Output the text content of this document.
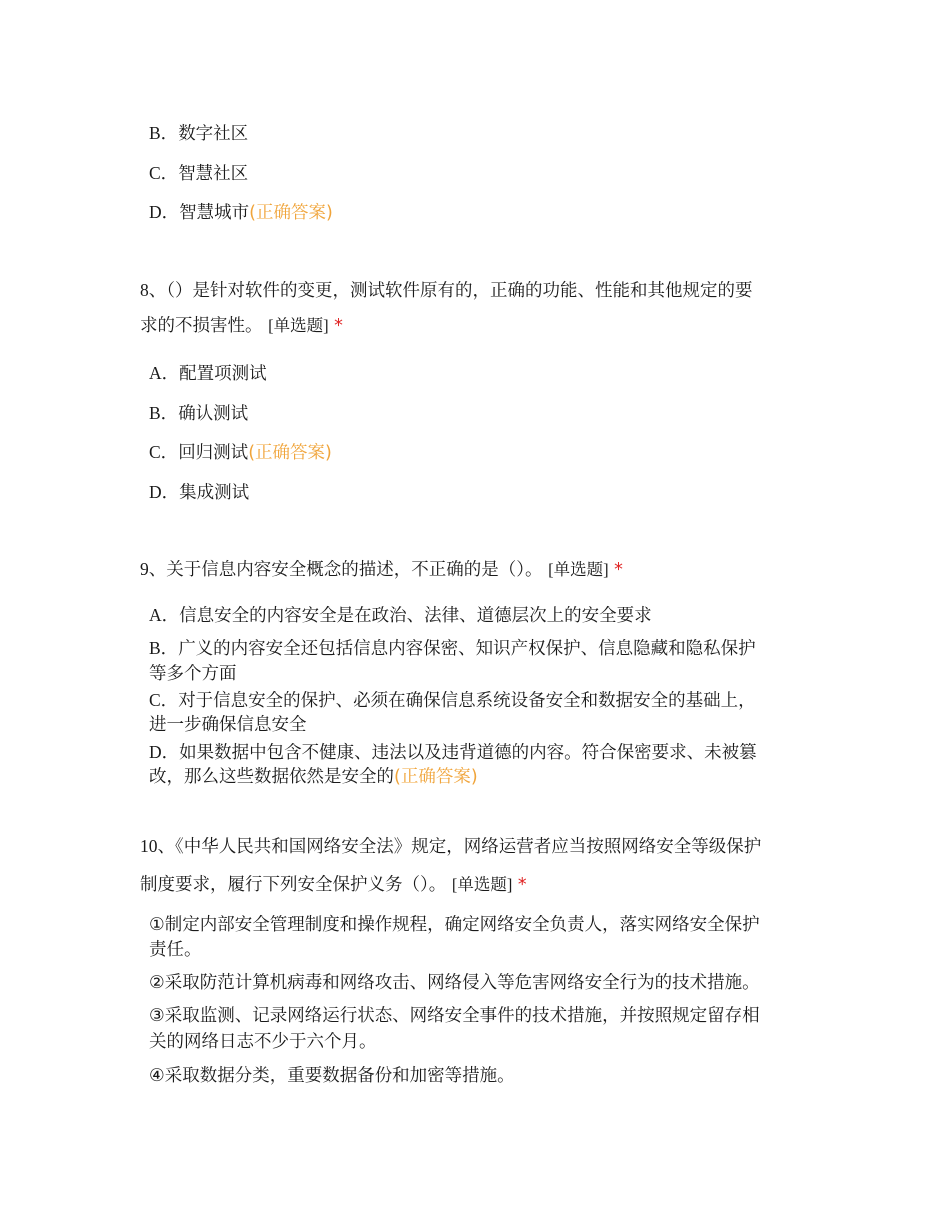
B．数字社区
C．智慧社区
D．智慧城市(正确答案)
8、（）是针对软件的变更，测试软件原有的，正确的功能、性能和其他规定的要
求的不损害性。 [单选题] *
A．配置项测试
B．确认测试
C．回归测试(正确答案)
D．集成测试
9、关于信息内容安全概念的描述，不正确的是（）。 [单选题] *
A．信息安全的内容安全是在政治、法律、道德层次上的安全要求
B．广义的内容安全还包括信息内容保密、知识产权保护、信息隐藏和隐私保护
等多个方面
C．对于信息安全的保护、必须在确保信息系统设备安全和数据安全的基础上，
进一步确保信息安全
D．如果数据中包含不健康、违法以及违背道德的内容。符合保密要求、未被篡
改，那么这些数据依然是安全的(正确答案)
10、《中华人民共和国网络安全法》规定，网络运营者应当按照网络安全等级保护
制度要求，履行下列安全保护义务（）。 [单选题] *
①制定内部安全管理制度和操作规程，确定网络安全负责人，落实网络安全保护
责任。
②采取防范计算机病毒和网络攻击、网络侵入等危害网络安全行为的技术措施。
③采取监测、记录网络运行状态、网络安全事件的技术措施，并按照规定留存相
关的网络日志不少于六个月。
④采取数据分类，重要数据备份和加密等措施。
